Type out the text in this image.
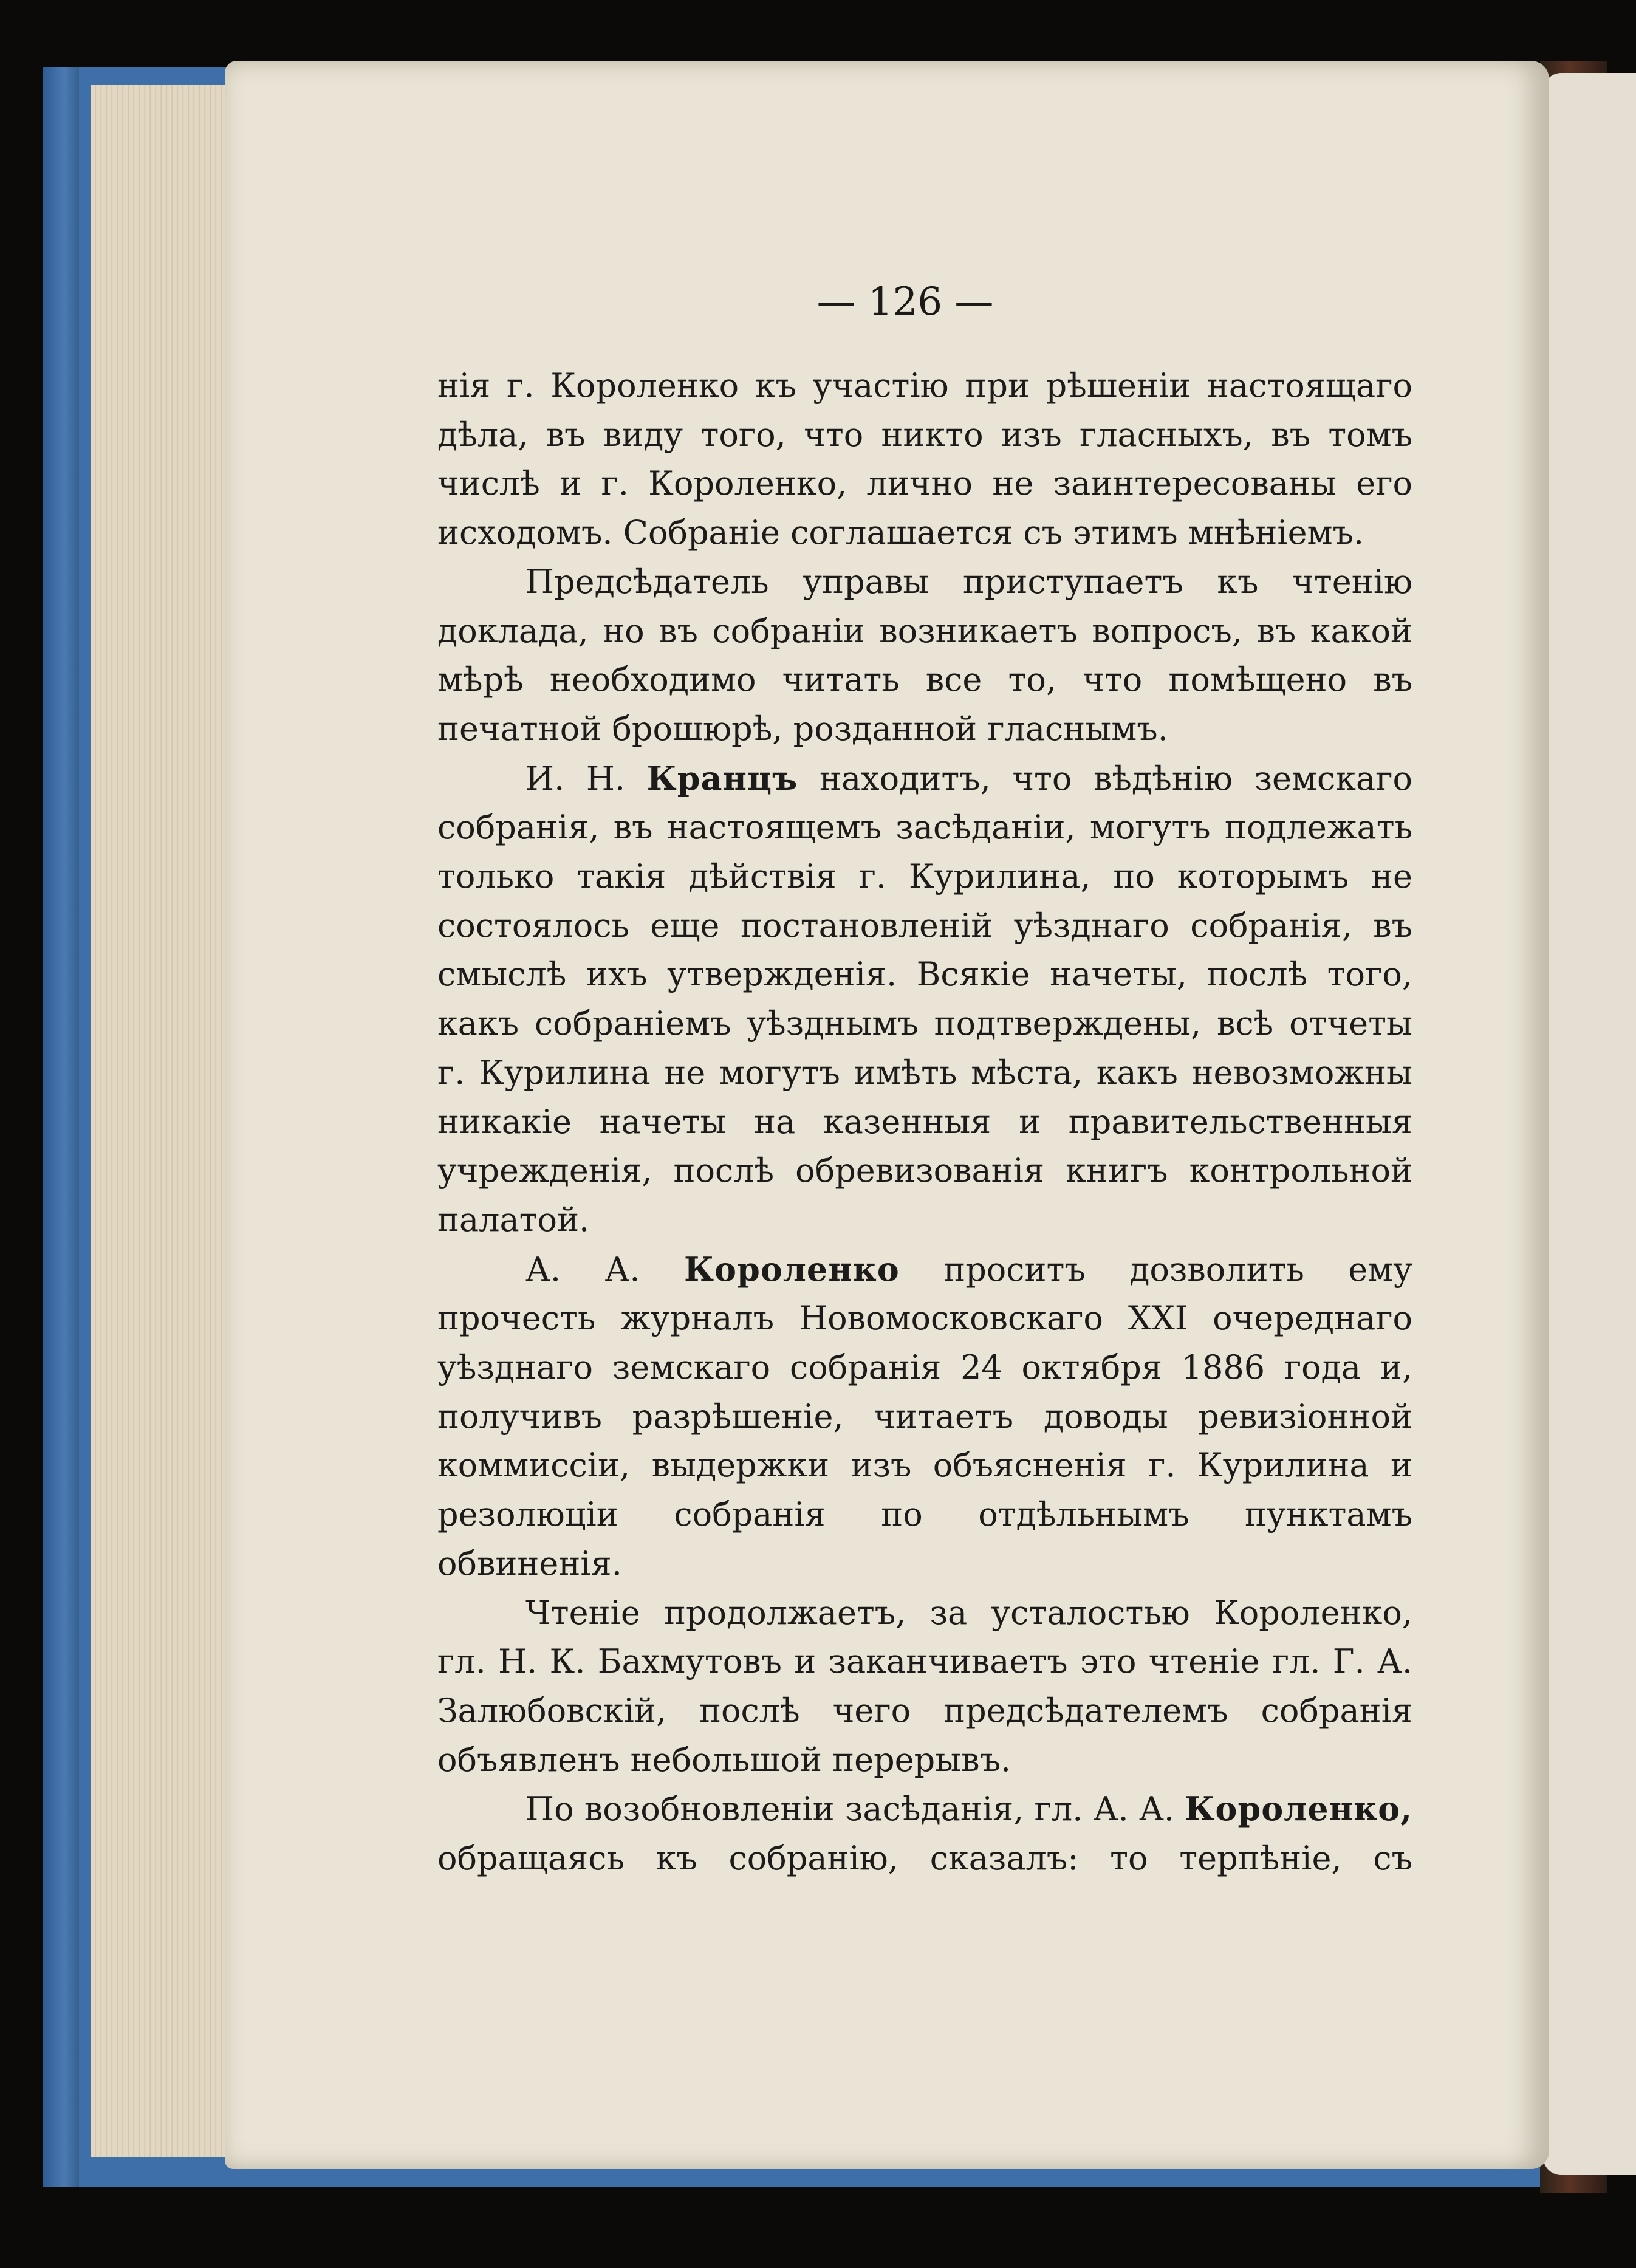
— 126 —

нія г. Короленко къ участію при рѣшеніи настоящаго дѣла, въ виду того, что никто изъ гласныхъ, въ томъ числѣ и г. Короленко, лично не заинтересованы его исходомъ. Собраніе соглашается съ этимъ мнѣніемъ.

Предсѣдатель управы приступаетъ къ чтенію доклада, но въ собраніи возникаетъ вопросъ, въ какой мѣрѣ необходимо читать все то, что помѣщено въ печатной брошюрѣ, розданной гласнымъ.

И. Н. Кранцъ находитъ, что вѣдѣнію земскаго собранія, въ настоящемъ засѣданіи, могутъ подлежать только такія дѣйствія г. Курилина, по которымъ не состоялось еще постановленій уѣзднаго собранія, въ смыслѣ ихъ утвержденія. Всякіе начеты, послѣ того, какъ собраніемъ уѣзднымъ подтверждены, всѣ отчеты г. Курилина не могутъ имѣть мѣста, какъ невозможны никакіе начеты на казенныя и правительственныя учрежденія, послѣ обревизованія книгъ контрольной палатой.

А. А. Короленко проситъ дозволить ему прочесть журналъ Новомосковскаго XXI очереднаго уѣзднаго земскаго собранія 24 октября 1886 года и, получивъ разрѣшеніе, читаетъ доводы ревизіонной коммиссіи, выдержки изъ объясненія г. Курилина и резолюціи собранія по отдѣльнымъ пунктамъ обвиненія.

Чтеніе продолжаетъ, за усталостью Короленко, гл. Н. К. Бахмутовъ и заканчиваетъ это чтеніе гл. Г. А. Залюбовскій, послѣ чего предсѣдателемъ собранія объявленъ небольшой перерывъ.

По возобновленіи засѣданія, гл. А. А. Короленко, обращаясь къ собранію, сказалъ: то терпѣніе, съ
